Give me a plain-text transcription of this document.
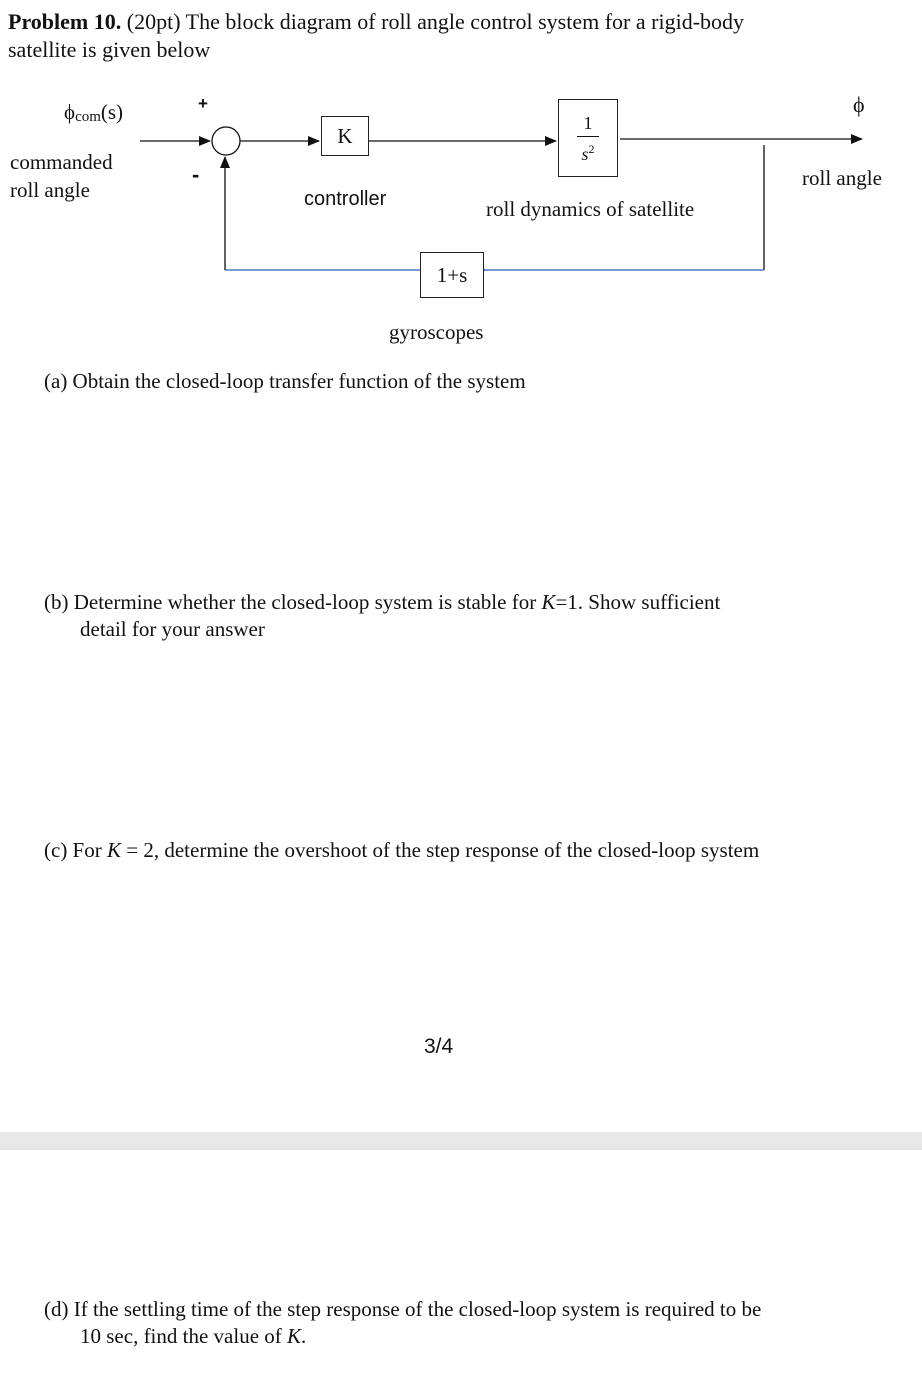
Problem 10. (20pt) The block diagram of roll angle control system for a rigid-body
satellite is given below
ϕcom(s)
commanded
roll angle
+
-
K
controller
1
$s^2$
roll dynamics of satellite
ϕ
roll angle
1+s
gyroscopes
(a) Obtain the closed-loop transfer function of the system
(b) Determine whether the closed-loop system is stable for K=1. Show sufficient
detail for your answer
(c) For K = 2, determine the overshoot of the step response of the closed-loop system
3/4
(d) If the settling time of the step response of the closed-loop system is required to be
10 sec, find the value of K.
